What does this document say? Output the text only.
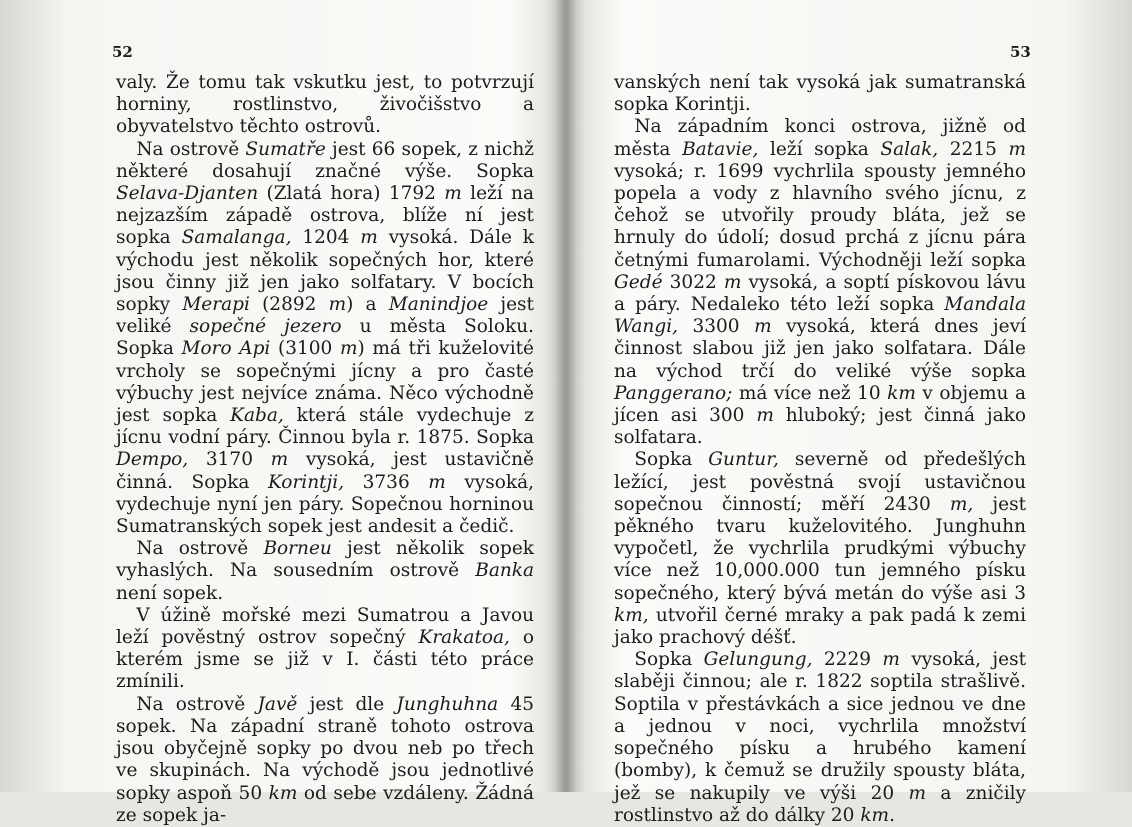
52

valy. Že tomu tak vskutku jest, to potvrzují horniny, rostlinstvo, živočišstvo a obyvatelstvo těchto ostrovů.

Na ostrově Sumatře jest 66 sopek, z nichž některé dosahují značné výše. Sopka Selava-Djanten (Zlatá hora) 1792 m leží na nejzazším západě ostrova, blíže ní jest sopka Samalanga, 1204 m vysoká. Dále k východu jest několik sopečných hor, které jsou činny již jen jako solfatary. V bocích sopky Merapi (2892 m) a Manindjoe jest veliké sopečné jezero u města Soloku. Sopka Moro Api (3100 m) má tři kuželovité vrcholy se sopečnými jícny a pro časté výbuchy jest nejvíce známa. Něco východně jest sopka Kaba, která stále vydechuje z jícnu vodní páry. Činnou byla r. 1875. Sopka Dempo, 3170 m vysoká, jest ustavičně činná. Sopka Korintji, 3736 m vysoká, vydechuje nyní jen páry. Sopečnou horninou Sumatranských sopek jest andesit a čedič.

Na ostrově Borneu jest několik sopek vyhaslých. Na sousedním ostrově Banka není sopek.

V úžině mořské mezi Sumatrou a Javou leží pověstný ostrov sopečný Krakatoa, o kterém jsme se již v I. části této práce zmínili.

Na ostrově Javě jest dle Junghuhna 45 sopek. Na západní straně tohoto ostrova jsou obyčejně sopky po dvou neb po třech ve skupinách. Na východě jsou jednotlivé sopky aspoň 50 km od sebe vzdáleny. Žádná ze sopek ja-

53

vanských není tak vysoká jak sumatranská sopka Korintji.

Na západním konci ostrova, jižně od města Batavie, leží sopka Salak, 2215 m vysoká; r. 1699 vychrlila spousty jemného popela a vody z hlavního svého jícnu, z čehož se utvořily proudy bláta, jež se hrnuly do údolí; dosud prchá z jícnu pára četnými fumarolami. Východněji leží sopka Gedé 3022 m vysoká, a soptí pískovou lávu a páry. Nedaleko této leží sopka Mandala Wangi, 3300 m vysoká, která dnes jeví činnost slabou již jen jako solfatara. Dále na východ trčí do veliké výše sopka Panggerano; má více než 10 km v objemu a jícen asi 300 m hluboký; jest činná jako solfatara.

Sopka Guntur, severně od předešlých ležící, jest pověstná svojí ustavičnou sopečnou činností; měří 2430 m, jest pěkného tvaru kuželovitého. Junghuhn vypočetl, že vychrlila prudkými výbuchy více než 10,000.000 tun jemného písku sopečného, který bývá metán do výše asi 3 km, utvořil černé mraky a pak padá k zemi jako prachový déšť.

Sopka Gelungung, 2229 m vysoká, jest slaběji činnou; ale r. 1822 soptila strašlivě. Soptila v přestávkách a sice jednou ve dne a jednou v noci, vychrlila množství sopečného písku a hrubého kamení (bomby), k čemuž se družily spousty bláta, jež se nakupily ve výši 20 m a zničily rostlinstvo až do dálky 20 km.
